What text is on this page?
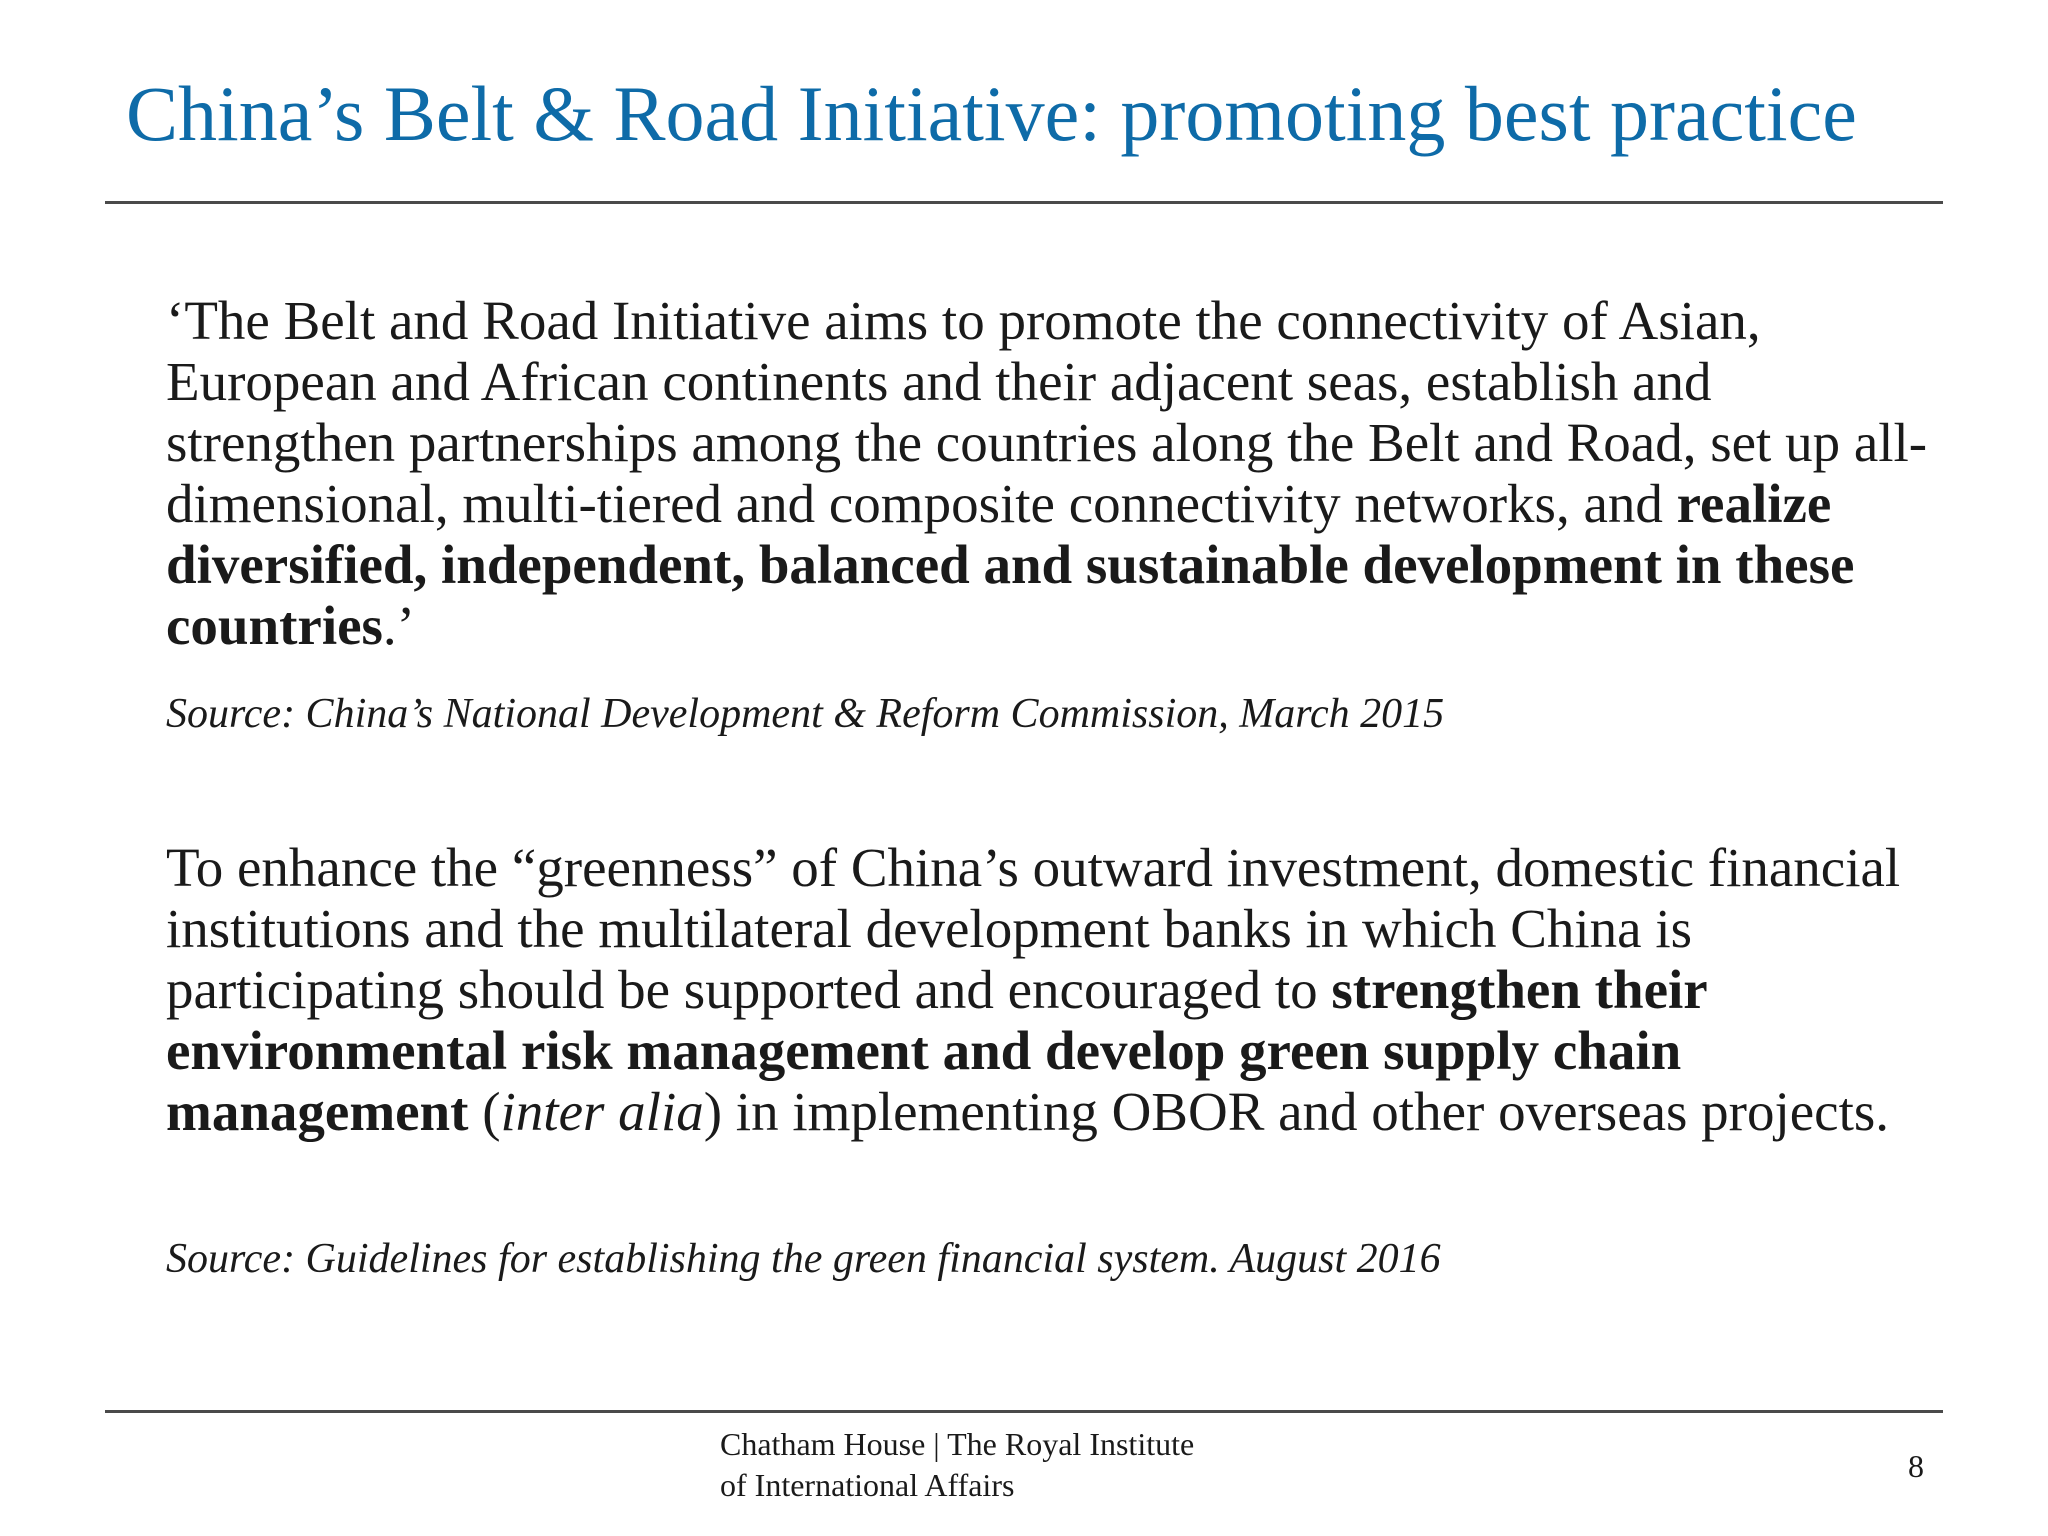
China’s Belt & Road Initiative: promoting best practice

‘The Belt and Road Initiative aims to promote the connectivity of Asian, European and African continents and their adjacent seas, establish and strengthen partnerships among the countries along the Belt and Road, set up all-dimensional, multi-tiered and composite connectivity networks, and realize diversified, independent, balanced and sustainable development in these countries.’

Source: China’s National Development & Reform Commission, March 2015

To enhance the “greenness” of China’s outward investment, domestic financial institutions and the multilateral development banks in which China is participating should be supported and encouraged to strengthen their environmental risk management and develop green supply chain management (inter alia) in implementing OBOR and other overseas projects.

Source: Guidelines for establishing the green financial system. August 2016

Chatham House | The Royal Institute
of International Affairs
8
